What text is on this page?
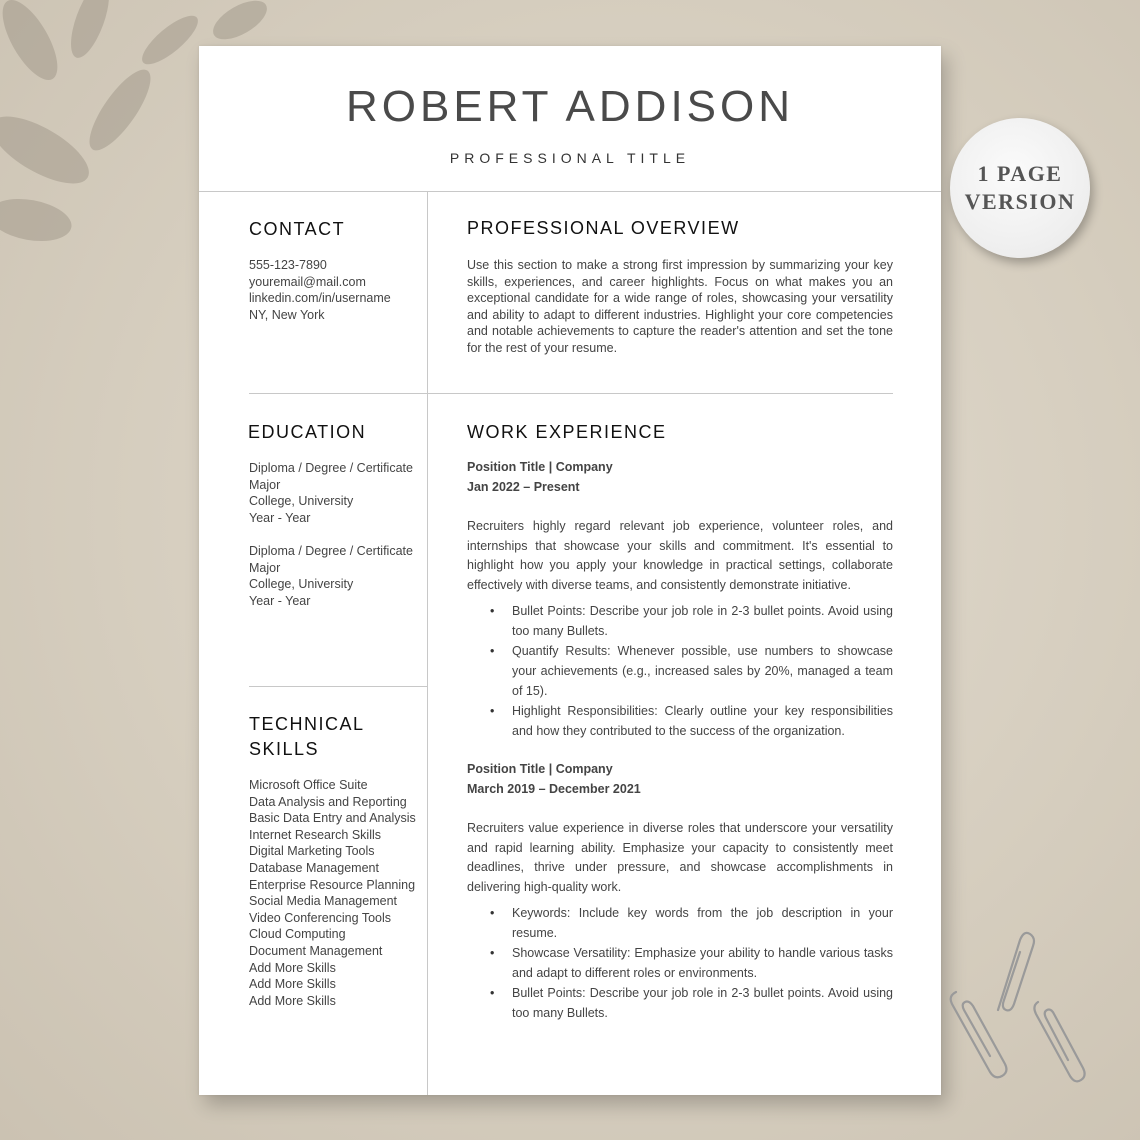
ROBERT ADDISON
PROFESSIONAL TITLE
CONTACT
555-123-7890
youremail@mail.com
linkedin.com/in/username
NY, New York
EDUCATION
Diploma / Degree / Certificate
Major
College, University
Year - Year
Diploma / Degree / Certificate
Major
College, University
Year - Year
TECHNICAL
SKILLS
Microsoft Office Suite
Data Analysis and Reporting
Basic Data Entry and Analysis
Internet Research Skills
Digital Marketing Tools
Database Management
Enterprise Resource Planning
Social Media Management
Video Conferencing Tools
Cloud Computing
Document Management
Add More Skills
Add More Skills
Add More Skills
PROFESSIONAL OVERVIEW
Use this section to make a strong first impression by summarizing your key skills, experiences, and career highlights. Focus on what makes you an exceptional candidate for a wide range of roles, showcasing your versatility and ability to adapt to different industries. Highlight your core competencies and notable achievements to capture the reader's attention and set the tone for the rest of your resume.
WORK EXPERIENCE
Position Title | Company
Jan 2022 – Present
Recruiters highly regard relevant job experience, volunteer roles, and internships that showcase your skills and commitment. It's essential to highlight how you apply your knowledge in practical settings, collaborate effectively with diverse teams, and consistently demonstrate initiative.
• Bullet Points: Describe your job role in 2-3 bullet points. Avoid using too many Bullets.
• Quantify Results: Whenever possible, use numbers to showcase your achievements (e.g., increased sales by 20%, managed a team of 15).
• Highlight Responsibilities: Clearly outline your key responsibilities and how they contributed to the success of the organization.
Position Title | Company
March 2019 – December 2021
Recruiters value experience in diverse roles that underscore your versatility and rapid learning ability. Emphasize your capacity to consistently meet deadlines, thrive under pressure, and showcase accomplishments in delivering high-quality work.
• Keywords: Include key words from the job description in your resume.
• Showcase Versatility: Emphasize your ability to handle various tasks and adapt to different roles or environments.
• Bullet Points: Describe your job role in 2-3 bullet points. Avoid using too many Bullets.
1 PAGE
VERSION
